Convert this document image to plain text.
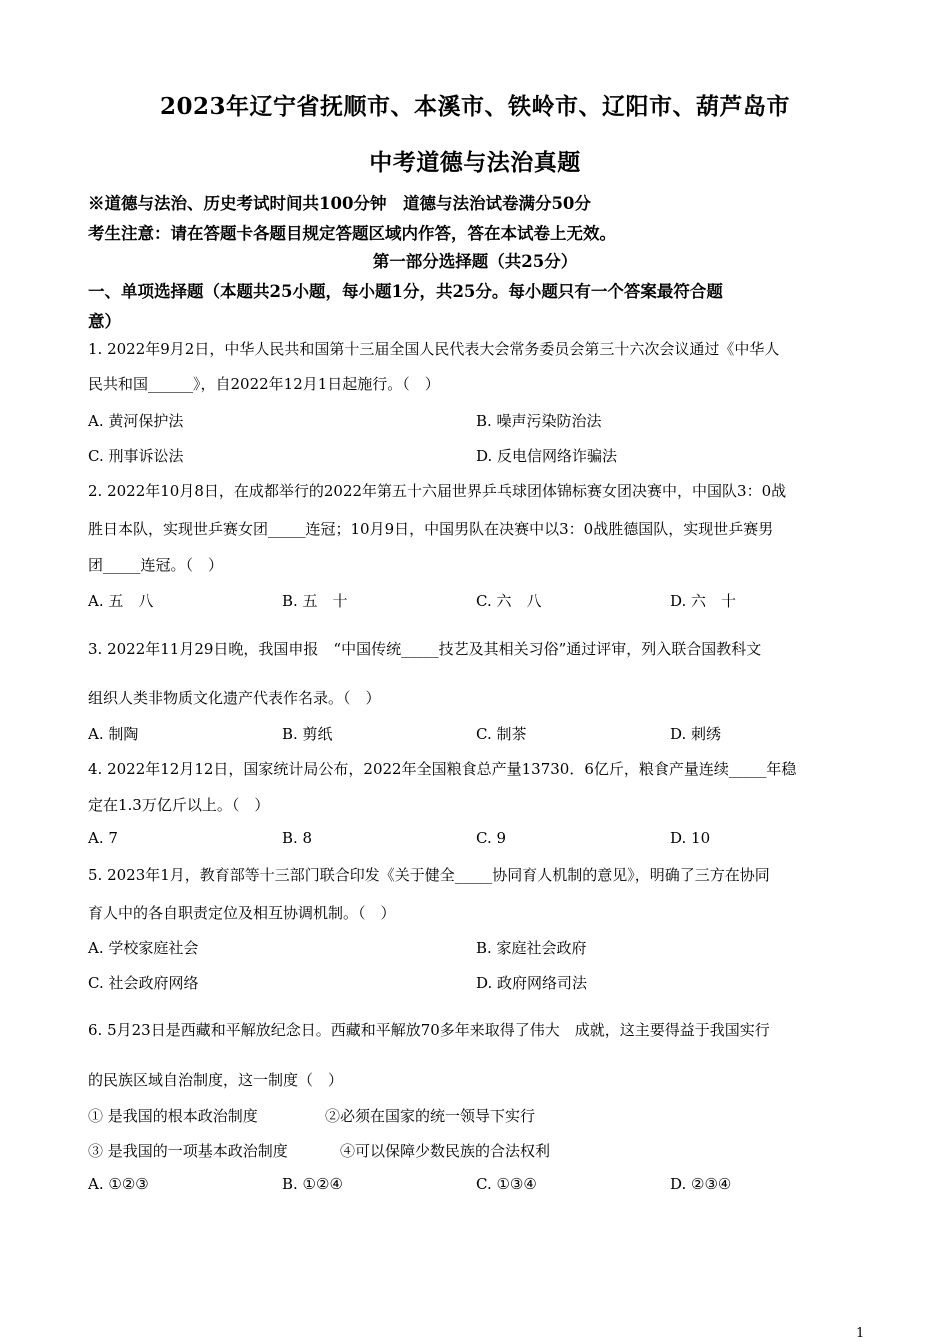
2023年辽宁省抚顺市、本溪市、铁岭市、辽阳市、葫芦岛市
中考道德与法治真题
※道德与法治、历史考试时间共100分钟　道德与法治试卷满分50分
考生注意：请在答题卡各题目规定答题区域内作答，答在本试卷上无效。
第一部分选择题（共25分）
一、单项选择题（本题共25小题，每小题1分，共25分。每小题只有一个答案最符合题
意）
1. 2022年9月2日，中华人民共和国第十三届全国人民代表大会常务委员会第三十六次会议通过《中华人
民共和国______》，自2022年12月1日起施行。（　）
A. 黄河保护法	B. 噪声污染防治法
C. 刑事诉讼法	D. 反电信网络诈骗法
2. 2022年10月8日，在成都举行的2022年第五十六届世界乒乓球团体锦标赛女团决赛中，中国队3：0战
胜日本队，实现世乒赛女团_____连冠；10月9日，中国男队在决赛中以3：0战胜德国队，实现世乒赛男
团_____连冠。（　）
A. 五　八	B. 五　十	C. 六　八	D. 六　十
3. 2022年11月29日晚，我国申报　“中国传统_____技艺及其相关习俗”通过评审，列入联合国教科文
组织人类非物质文化遗产代表作名录。（　）
A. 制陶	B. 剪纸	C. 制茶	D. 刺绣
4. 2022年12月12日，国家统计局公布，2022年全国粮食总产量13730．6亿斤，粮食产量连续_____年稳
定在1.3万亿斤以上。（　）
A. 7	B. 8	C. 9	D. 10
5. 2023年1月，教育部等十三部门联合印发《关于健全_____协同育人机制的意见》，明确了三方在协同
育人中的各自职责定位及相互协调机制。（　）
A. 学校家庭社会	B. 家庭社会政府
C. 社会政府网络	D. 政府网络司法
6. 5月23日是西藏和平解放纪念日。西藏和平解放70多年来取得了伟大　成就，这主要得益于我国实行
的民族区域自治制度，这一制度（　）
① 是我国的根本政治制度	②必须在国家的统一领导下实行
③ 是我国的一项基本政治制度	④可以保障少数民族的合法权利
A. ①②③	B. ①②④	C. ①③④	D. ②③④
1
